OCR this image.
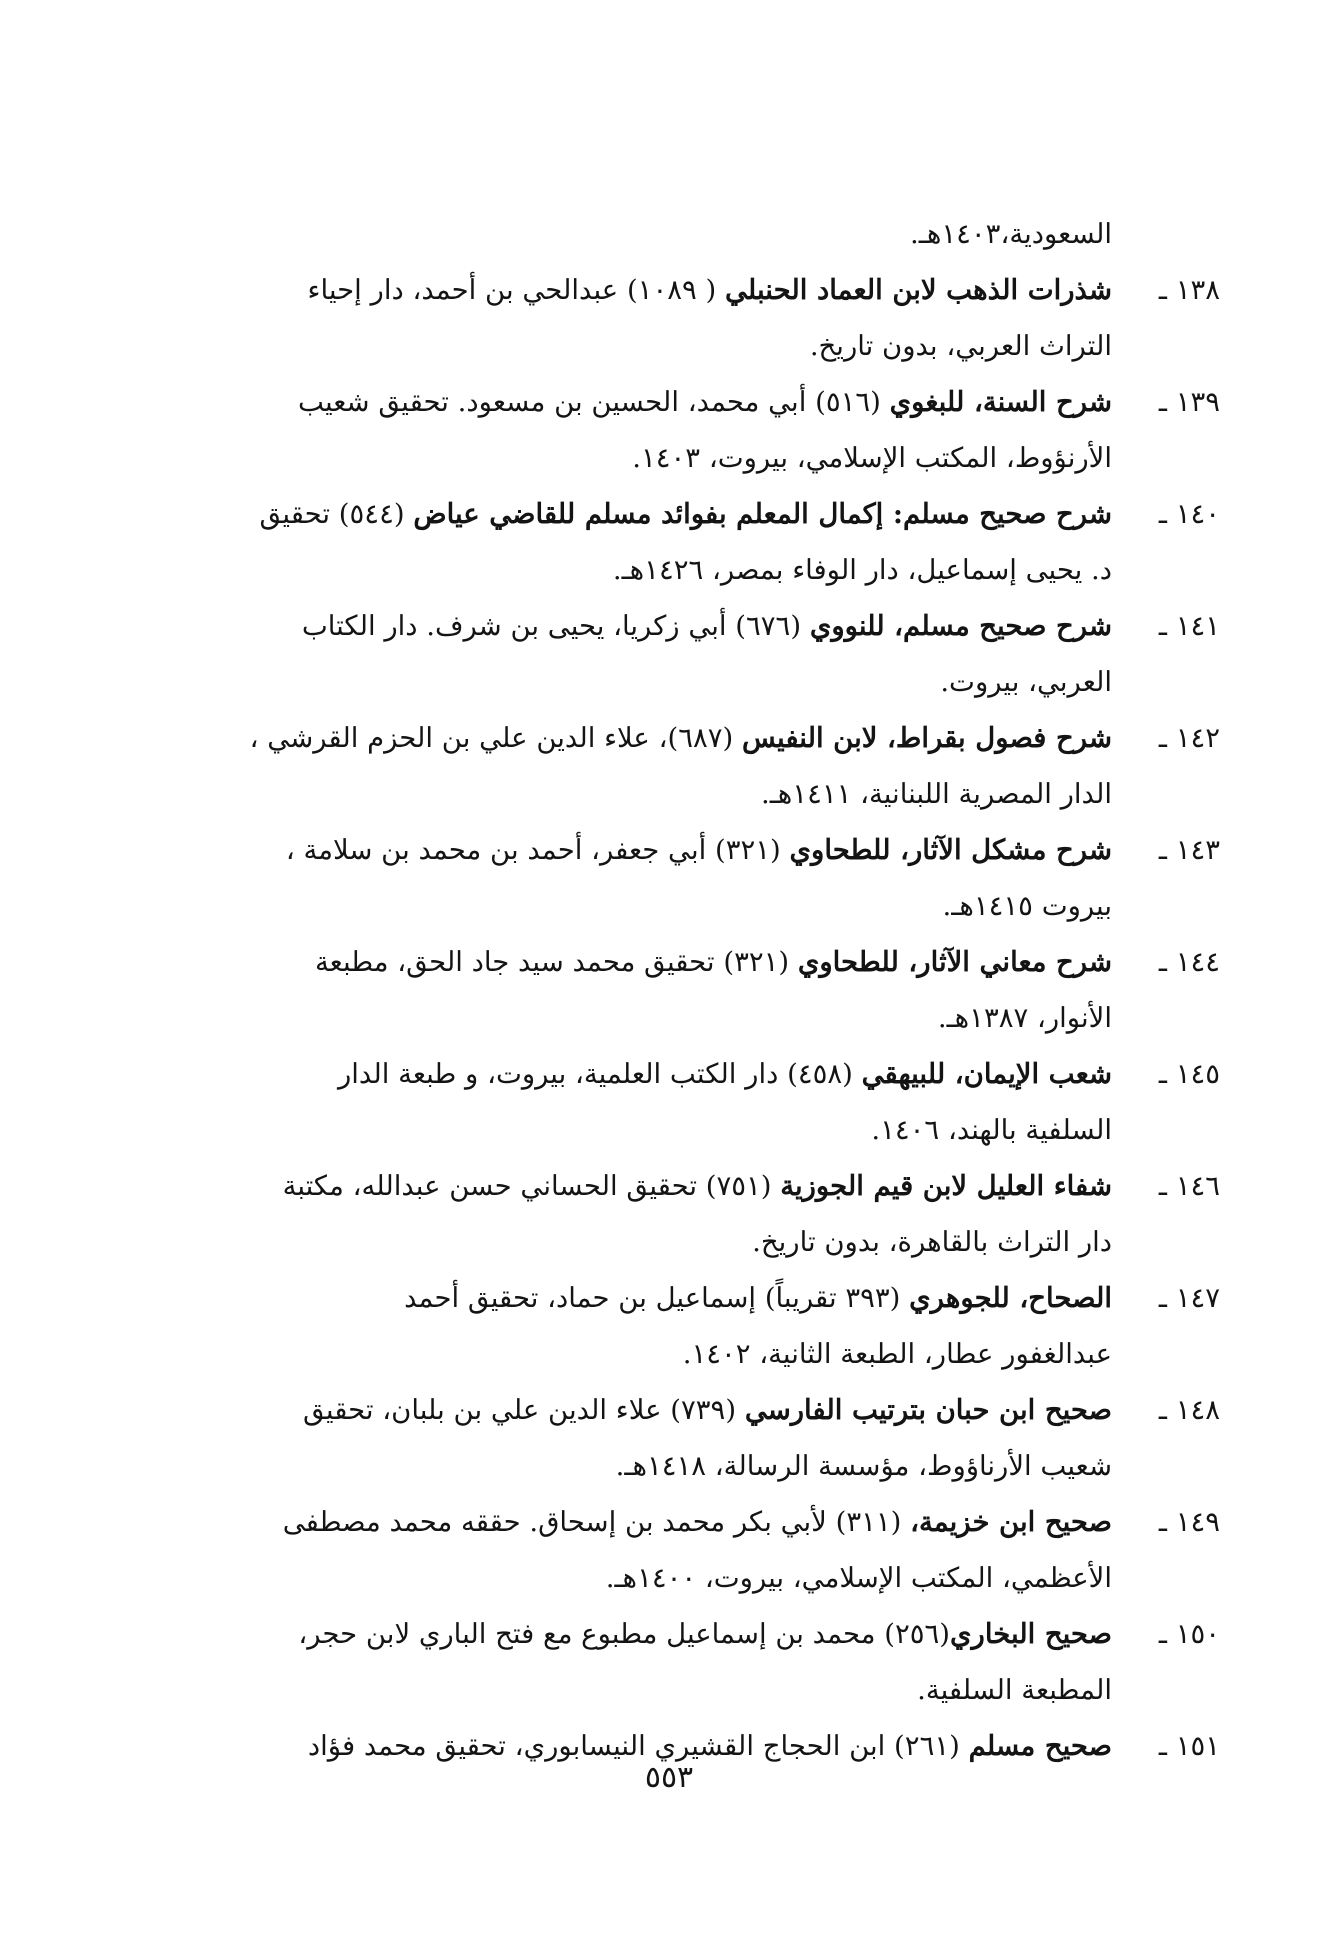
السعودية،١٤٠٣هـ.
١٣٨ ـشذرات الذهب لابن العماد الحنبلي ( ١٠٨٩) عبدالحي بن أحمد، دار إحياء
التراث العربي، بدون تاريخ.
١٣٩ ـشرح السنة، للبغوي (٥١٦) أبي محمد، الحسين بن مسعود. تحقيق شعيب
الأرنؤوط، المكتب الإسلامي، بيروت، ١٤٠٣.
١٤٠ ـشرح صحيح مسلم: إكمال المعلم بفوائد مسلم للقاضي عياض (٥٤٤) تحقيق
د. يحيى إسماعيل، دار الوفاء بمصر، ١٤٢٦هـ.
١٤١ ـشرح صحيح مسلم، للنووي (٦٧٦) أبي زكريا، يحيى بن شرف. دار الكتاب
العربي، بيروت.
١٤٢ ـشرح فصول بقراط، لابن النفيس (٦٨٧)، علاء الدين علي بن الحزم القرشي ،
الدار المصرية اللبنانية، ١٤١١هـ.
١٤٣ ـشرح مشكل الآثار، للطحاوي (٣٢١) أبي جعفر، أحمد بن محمد بن سلامة ،
بيروت ١٤١٥هـ.
١٤٤ ـشرح معاني الآثار، للطحاوي (٣٢١) تحقيق محمد سيد جاد الحق، مطبعة
الأنوار، ١٣٨٧هـ.
١٤٥ ـشعب الإيمان، للبيهقي (٤٥٨) دار الكتب العلمية، بيروت، و طبعة الدار
السلفية بالهند، ١٤٠٦.
١٤٦ ـشفاء العليل لابن قيم الجوزية (٧٥١) تحقيق الحساني حسن عبدالله، مكتبة
دار التراث بالقاهرة، بدون تاريخ.
١٤٧ ـالصحاح، للجوهري (٣٩٣ تقريباً) إسماعيل بن حماد، تحقيق أحمد
عبدالغفور عطار، الطبعة الثانية، ١٤٠٢.
١٤٨ ـصحيح ابن حبان بترتيب الفارسي (٧٣٩) علاء الدين علي بن بلبان، تحقيق
شعيب الأرناؤوط، مؤسسة الرسالة، ١٤١٨هـ.
١٤٩ ـصحيح ابن خزيمة، (٣١١) لأبي بكر محمد بن إسحاق. حققه محمد مصطفى
الأعظمي، المكتب الإسلامي، بيروت، ١٤٠٠هـ.
١٥٠ ـصحيح البخاري(٢٥٦) محمد بن إسماعيل مطبوع مع فتح الباري لابن حجر،
المطبعة السلفية.
١٥١ ـصحيح مسلم (٢٦١) ابن الحجاج القشيري النيسابوري، تحقيق محمد فؤاد
٥٥٣
